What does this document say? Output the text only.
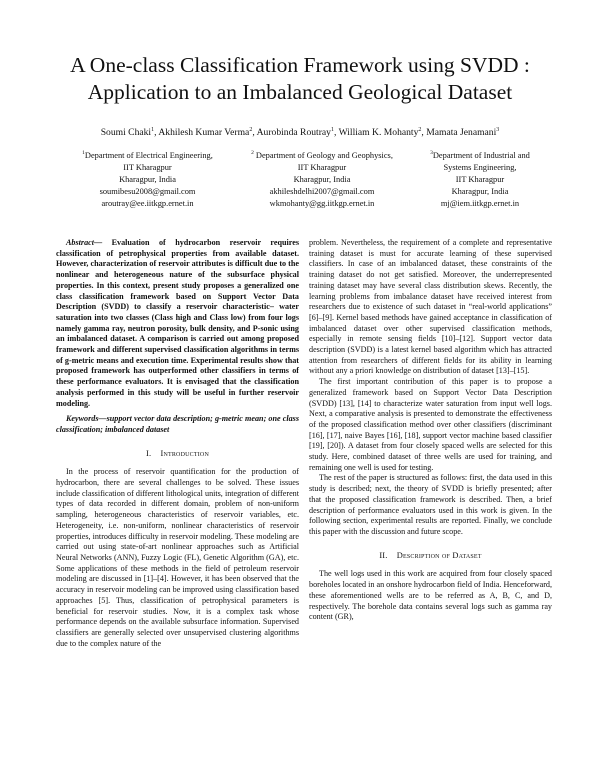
A One-class Classification Framework using SVDD :
Application to an Imbalanced Geological Dataset
Soumi Chaki$^1$, Akhilesh Kumar Verma$^2$, Aurobinda Routray$^1$, William K. Mohanty$^2$, Mamata Jenamani$^3$
$^1$Department of Electrical Engineering,
IIT Kharagpur
Kharagpur, India
soumibesu2008@gmail.com
aroutray@ee.iitkgp.ernet.in
$^2$ Department of Geology and Geophysics,
IIT Kharagpur
Kharagpur, India
akhileshdelhi2007@gmail.com
wkmohanty@gg.iitkgp.ernet.in
$^3$Department of Industrial and
Systems Engineering,
IIT Kharagpur
Kharagpur, India
mj@iem.iitkgp.ernet.in

Abstract— Evaluation of hydrocarbon reservoir requires classification of petrophysical properties from available dataset. However, characterization of reservoir attributes is difficult due to the nonlinear and heterogeneous nature of the subsurface physical properties. In this context, present study proposes a generalized one class classification framework based on Support Vector Data Description (SVDD) to classify a reservoir characteristic– water saturation into two classes (Class high and Class low) from four logs namely gamma ray, neutron porosity, bulk density, and P-sonic using an imbalanced dataset. A comparison is carried out among proposed framework and different supervised classification algorithms in terms of g-metric means and execution time. Experimental results show that proposed framework has outperformed other classifiers in terms of these performance evaluators. It is envisaged that the classification analysis performed in this study will be useful in further reservoir modeling.

Keywords—support vector data description; g-metric mean; one class classification; imbalanced dataset

I. Introduction

In the process of reservoir quantification for the production of hydrocarbon, there are several challenges to be solved. These issues include classification of different lithological units, integration of different types of data recorded in different domain, problem of non-uniform sampling, heterogeneous characteristics of reservoir variables, etc. Heterogeneity, i.e. non-uniform, nonlinear characteristics of reservoir properties, introduces difficulty in reservoir modeling. These modeling are carried out using state-of-art nonlinear approaches such as Artificial Neural Networks (ANN), Fuzzy Logic (FL), Genetic Algorithm (GA), etc. Some applications of these methods in the field of petroleum reservoir modeling are discussed in [1]–[4]. However, it has been observed that the accuracy in reservoir modeling can be improved using classification based approaches [5]. Thus, classification of petrophysical parameters is beneficial for reservoir studies. Now, it is a complex task whose performance depends on the available subsurface information. Supervised classifiers are generally selected over unsupervised clustering algorithms due to the complex nature of the

problem. Nevertheless, the requirement of a complete and representative training dataset is must for accurate learning of these supervised classifiers. In case of an imbalanced dataset, these constraints of the training dataset do not get satisfied. Moreover, the underrepresented training dataset may have several class distribution skews. Recently, the learning problems from imbalance dataset have received interest from researchers due to existence of such dataset in “real-world applications” [6]–[9]. Kernel based methods have gained acceptance in classification of imbalanced dataset over other supervised classification methods, especially in remote sensing fields [10]–[12]. Support vector data description (SVDD) is a latest kernel based algorithm which has attracted attention from researchers of different fields for its ability in learning without any a priori knowledge on distribution of dataset [13]–[15].

The first important contribution of this paper is to propose a generalized framework based on Support Vector Data Description (SVDD) [13], [14] to characterize water saturation from input well logs. Next, a comparative analysis is presented to demonstrate the effectiveness of the proposed classification method over other classifiers (discriminant [16], [17], naive Bayes [16], [18], support vector machine based classifier [19], [20]). A dataset from four closely spaced wells are selected for this study. Here, combined dataset of three wells are used for training, and remaining one well is used for testing.

The rest of the paper is structured as follows: first, the data used in this study is described; next, the theory of SVDD is briefly presented; after that the proposed classification framework is described. Then, a brief description of performance evaluators used in this work is given. In the following section, experimental results are reported. Finally, we conclude this paper with the discussion and future scope.

II. Description of Dataset

The well logs used in this work are acquired from four closely spaced boreholes located in an onshore hydrocarbon field of India. Henceforward, these aforementioned wells are to be referred as A, B, C, and D, respectively. The borehole data contains several logs such as gamma ray content (GR),
